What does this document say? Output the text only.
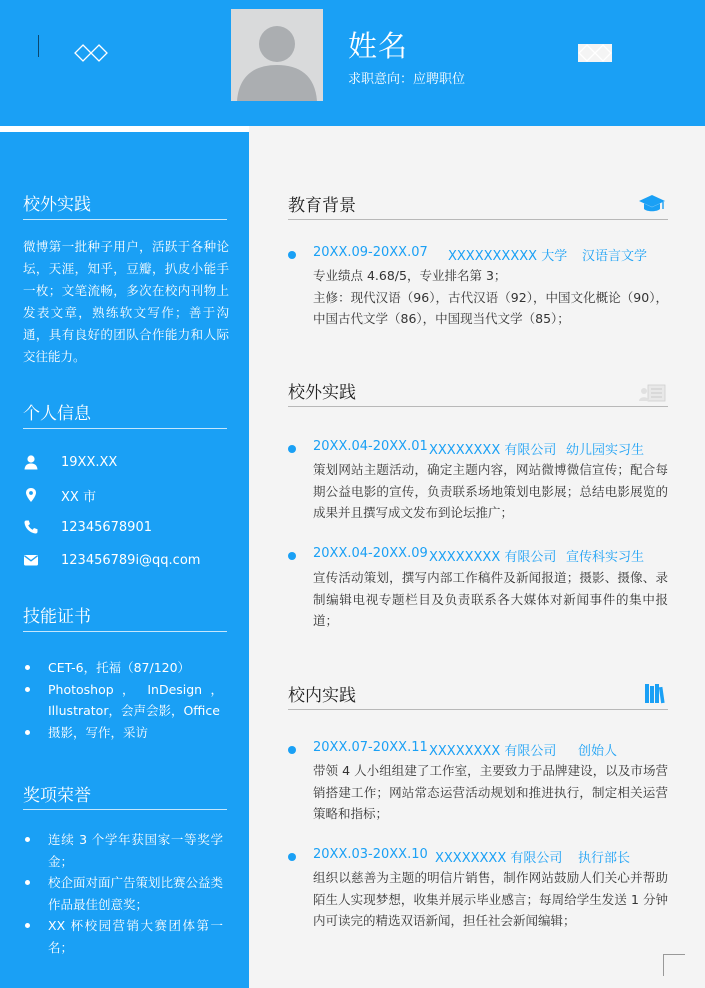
姓名
求职意向：应聘职位
校外实践
微博第一批种子用户，活跃于各种论坛，天涯，知乎，豆瓣，扒皮小能手一枚；文笔流畅，多次在校内刊物上发表文章，熟练软文写作；善于沟通，具有良好的团队合作能力和人际交往能力。
个人信息
19XX.XX
XX 市
12345678901
123456789i@qq.com
技能证书
CET-6，托福（87/120）
Photoshop ， InDesign ， Illustrator，会声会影，Office
摄影，写作，采访
奖项荣誉
连续 3 个学年获国家一等奖学金；
校企面对面广告策划比赛公益类作品最佳创意奖；
XX 杯校园营销大赛团体第一名；
教育背景
20XX.09-20XX.07 XXXXXXXXXX 大学 汉语言文学
专业绩点 4.68/5，专业排名第 3；
主修：现代汉语（96），古代汉语（92），中国文化概论（90），中国古代文学（86），中国现当代文学（85）；
校外实践
20XX.04-20XX.01 XXXXXXXX 有限公司 幼儿园实习生
策划网站主题活动，确定主题内容，网站微博微信宣传；配合每期公益电影的宣传，负责联系场地策划电影展；总结电影展览的成果并且撰写成文发布到论坛推广；
20XX.04-20XX.09 XXXXXXXX 有限公司 宣传科实习生
宣传活动策划，撰写内部工作稿件及新闻报道；摄影、摄像、录制编辑电视专题栏目及负责联系各大媒体对新闻事件的集中报道；
校内实践
20XX.07-20XX.11 XXXXXXXX 有限公司 创始人
带领 4 人小组组建了工作室，主要致力于品牌建设，以及市场营销搭建工作；网站常态运营活动规划和推进执行，制定相关运营策略和指标；
20XX.03-20XX.10 XXXXXXXX 有限公司 执行部长
组织以慈善为主题的明信片销售，制作网站鼓励人们关心并帮助陌生人实现梦想，收集并展示毕业感言；每周给学生发送 1 分钟内可读完的精选双语新闻，担任社会新闻编辑；
